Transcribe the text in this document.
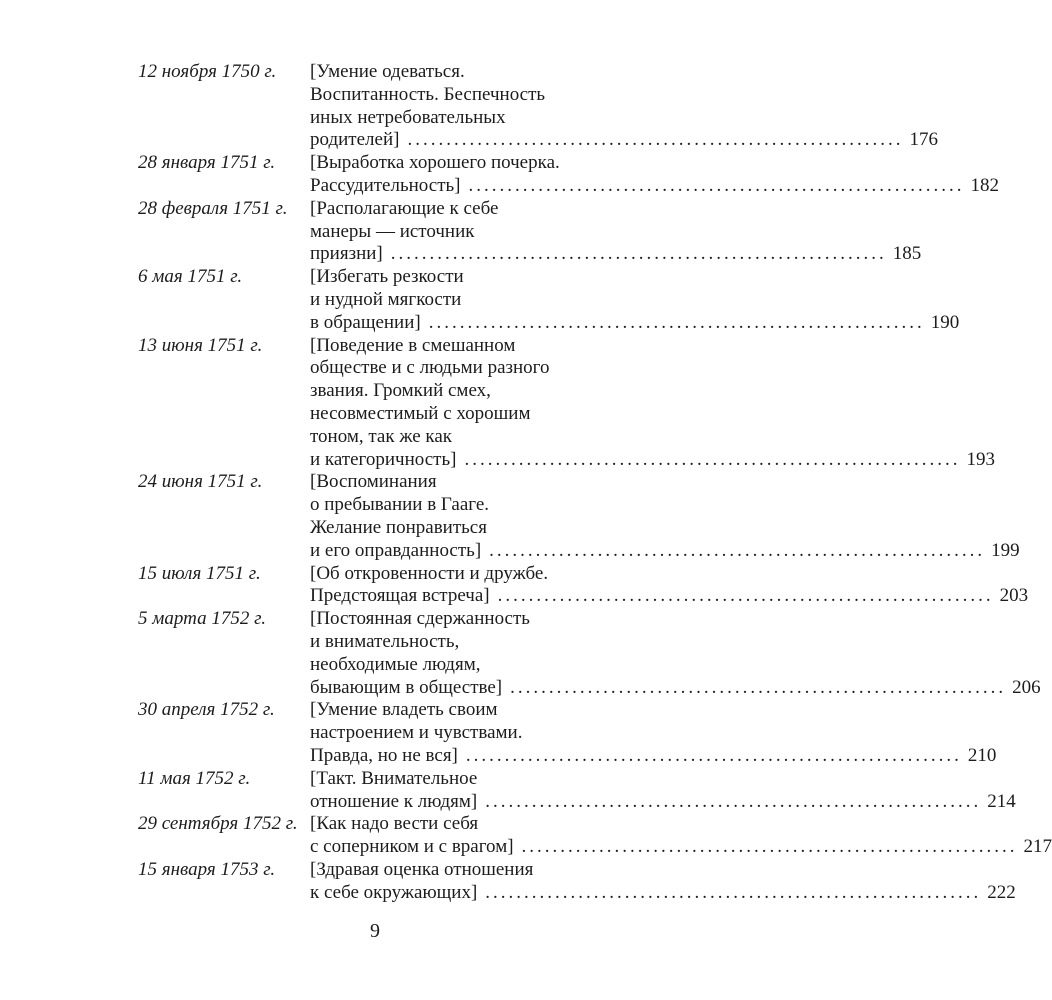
12 ноября 1750 г.	[Умение одеваться.
Воспитанность. Беспечность
иных нетребовательных
родителей] ................................................................ 176
28 января 1751 г.	[Выработка хорошего почерка.
Рассудительность] ................................................................ 182
28 февраля 1751 г.	[Располагающие к себе
манеры — источник
приязни] ................................................................ 185
6 мая 1751 г.	[Избегать резкости
и нудной мягкости
в обращении] ................................................................ 190
13 июня 1751 г.	[Поведение в смешанном
обществе и с людьми разного
звания. Громкий смех,
несовместимый с хорошим
тоном, так же как
и категоричность] ................................................................ 193
24 июня 1751 г.	[Воспоминания
о пребывании в Гааге.
Желание понравиться
и его оправданность] ................................................................ 199
15 июля 1751 г.	[Об откровенности и дружбе.
Предстоящая встреча] ................................................................ 203
5 марта 1752 г.	[Постоянная сдержанность
и внимательность,
необходимые людям,
бывающим в обществе] ................................................................ 206
30 апреля 1752 г.	[Умение владеть своим
настроением и чувствами.
Правда, но не вся] ................................................................ 210
11 мая 1752 г.	[Такт. Внимательное
отношение к людям] ................................................................ 214
29 сентября 1752 г. [Как надо вести себя
с соперником и с врагом] ................................................................ 217
15 января 1753 г.	[Здравая оценка отношения
к себе окружающих] ................................................................ 222
9
